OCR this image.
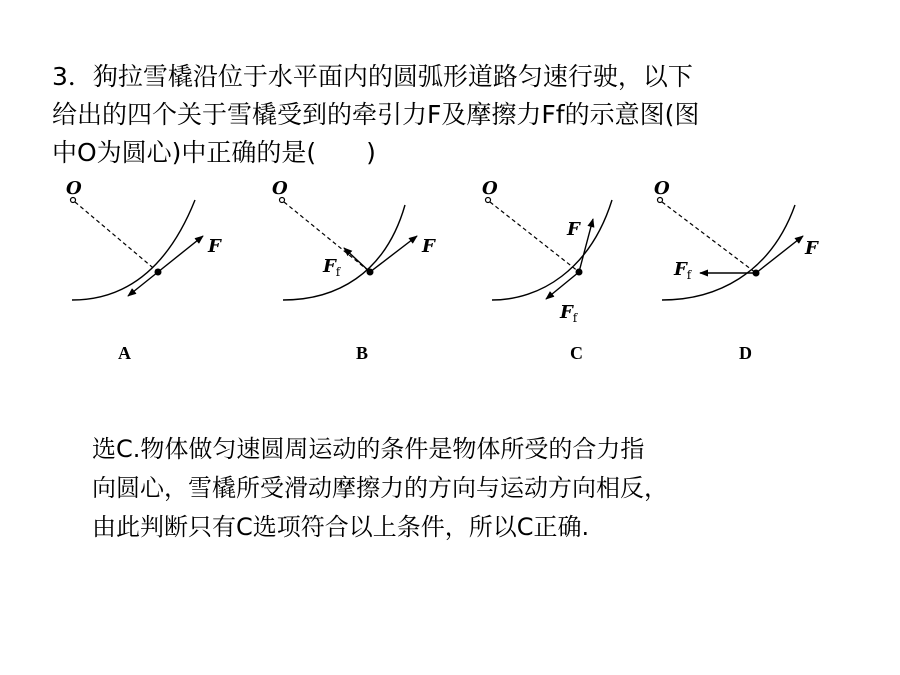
3．狗拉雪橇沿位于水平面内的圆弧形道路匀速行驶，以下
给出的四个关于雪橇受到的牵引力F及摩擦力Ff的示意图(图
中O为圆心)中正确的是(　　)
O
F
O
F
$F_f$
O
F
$F_f$
O
F
$F_f$
A	B	C	D
选C.物体做匀速圆周运动的条件是物体所受的合力指
向圆心，雪橇所受滑动摩擦力的方向与运动方向相反，
由此判断只有C选项符合以上条件，所以C正确.
